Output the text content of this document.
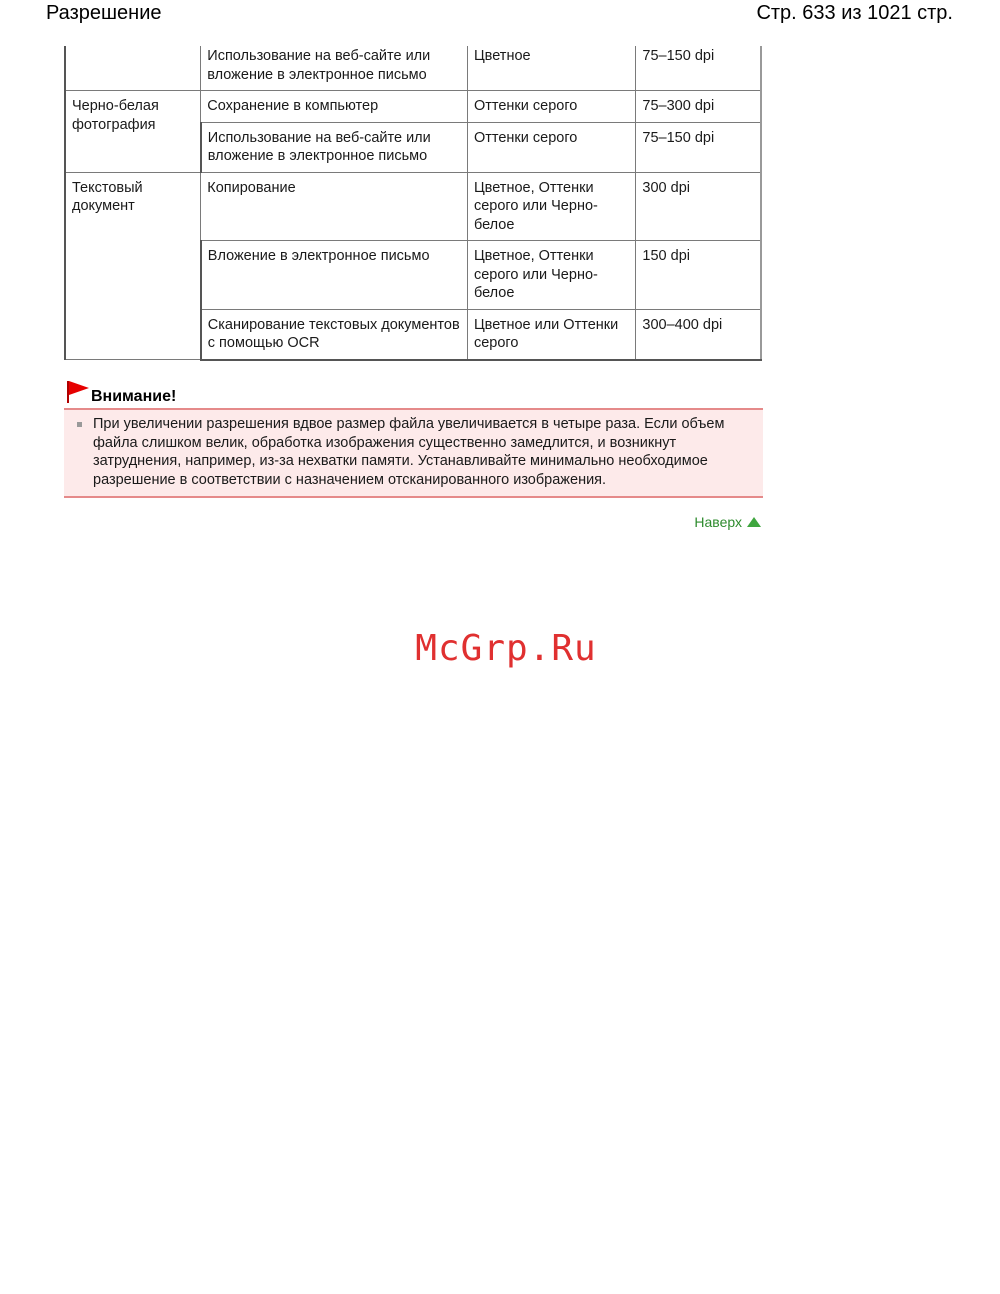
Разрешение	Стр. 633 из 1021 стр.
	Использование на веб-сайте или вложение в электронное письмо	Цветное	75–150 dpi
Черно-белая фотография	Сохранение в компьютер	Оттенки серого	75–300 dpi
	Использование на веб-сайте или вложение в электронное письмо	Оттенки серого	75–150 dpi
Текстовый документ	Копирование	Цветное, Оттенки серого или Черно-белое	300 dpi
	Вложение в электронное письмо	Цветное, Оттенки серого или Черно-белое	150 dpi
	Сканирование текстовых документов с помощью OCR	Цветное или Оттенки серого	300–400 dpi
Внимание!
При увеличении разрешения вдвое размер файла увеличивается в четыре раза. Если объем файла слишком велик, обработка изображения существенно замедлится, и возникнут затруднения, например, из-за нехватки памяти. Устанавливайте минимально необходимое разрешение в соответствии с назначением отсканированного изображения.
Наверх
McGrp.Ru
